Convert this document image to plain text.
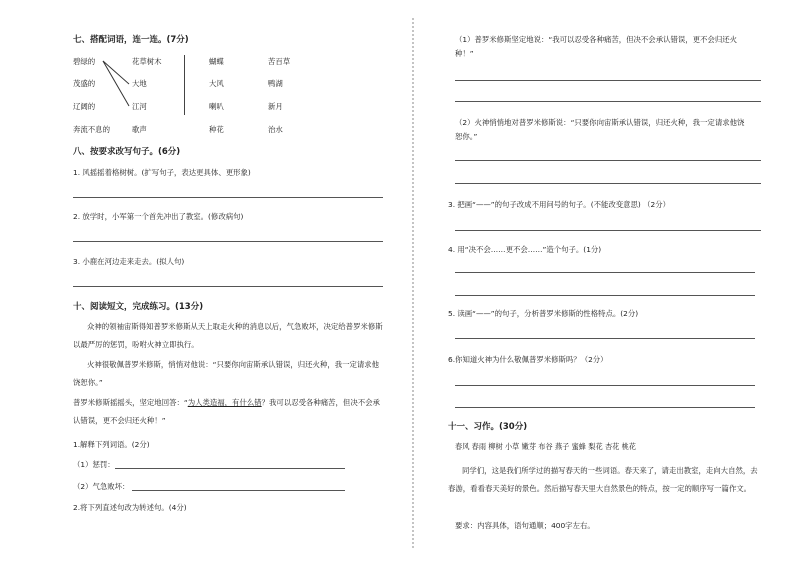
七、搭配词语，连一连。(7分)
碧绿的
茂盛的
辽阔的
奔流不息的
花草树木
大地
江河
歌声
蝴蝶
大风
喇叭
种花
苦百草
鸭湖
新月
治水
八、按要求改写句子。(6分)
1. 风摇摇着格树树。(扩写句子，表达更具体、更形象)
2. 放学时，小军第一个首先冲出了教室。(修改病句)
3. 小鹿在河边走来走去。(拟人句)
十、阅读短文，完成练习。(13分)
众神的领袖宙斯得知普罗米修斯从天上取走火种的消息以后，气急败坏，决定给普罗米修斯以最严厉的惩罚，吩咐火神立即执行。
火神很敬佩普罗米修斯，悄悄对他说：“只要你向宙斯承认错误，归还火种，我一定请求他饶恕你。”
普罗米修斯摇摇头，坚定地回答：“为人类造福，有什么错？我可以忍受各种痛苦，但决不会承认错误，更不会归还火种！”
1.解释下列词语。(2分)
（1）惩罚：
（2）气急败坏：
2.将下列直述句改为转述句。(4分)
（1）普罗米修斯坚定地说：“我可以忍受各种痛苦，但决不会承认错误，更不会归还火
种！”
（2）火神悄悄地对普罗米修斯说：“只要你向宙斯承认错误，归还火种，我一定请求他饶
恕你。”
3. 把画“——”的句子改成不用问号的句子。(不能改变意思) （2分）
4. 用“决不会……更不会……”造个句子。(1分)
5. 读画“——”的句子，分析普罗米修斯的性格特点。(2分)
6.你知道火神为什么敬佩普罗米修斯吗？（2分）
十一、习作。(30分)
春风 春雨 柳树 小草 嫩芽 布谷 燕子 蜜蜂 梨花 杏花 桃花
同学们，这是我们所学过的描写春天的一些词语。春天来了，请走出教室，走向大自然，去春游，看看春天美好的景色。然后描写春天里大自然景色的特点，按一定的顺序写一篇作文。
要求：内容具体，语句通顺；400字左右。
